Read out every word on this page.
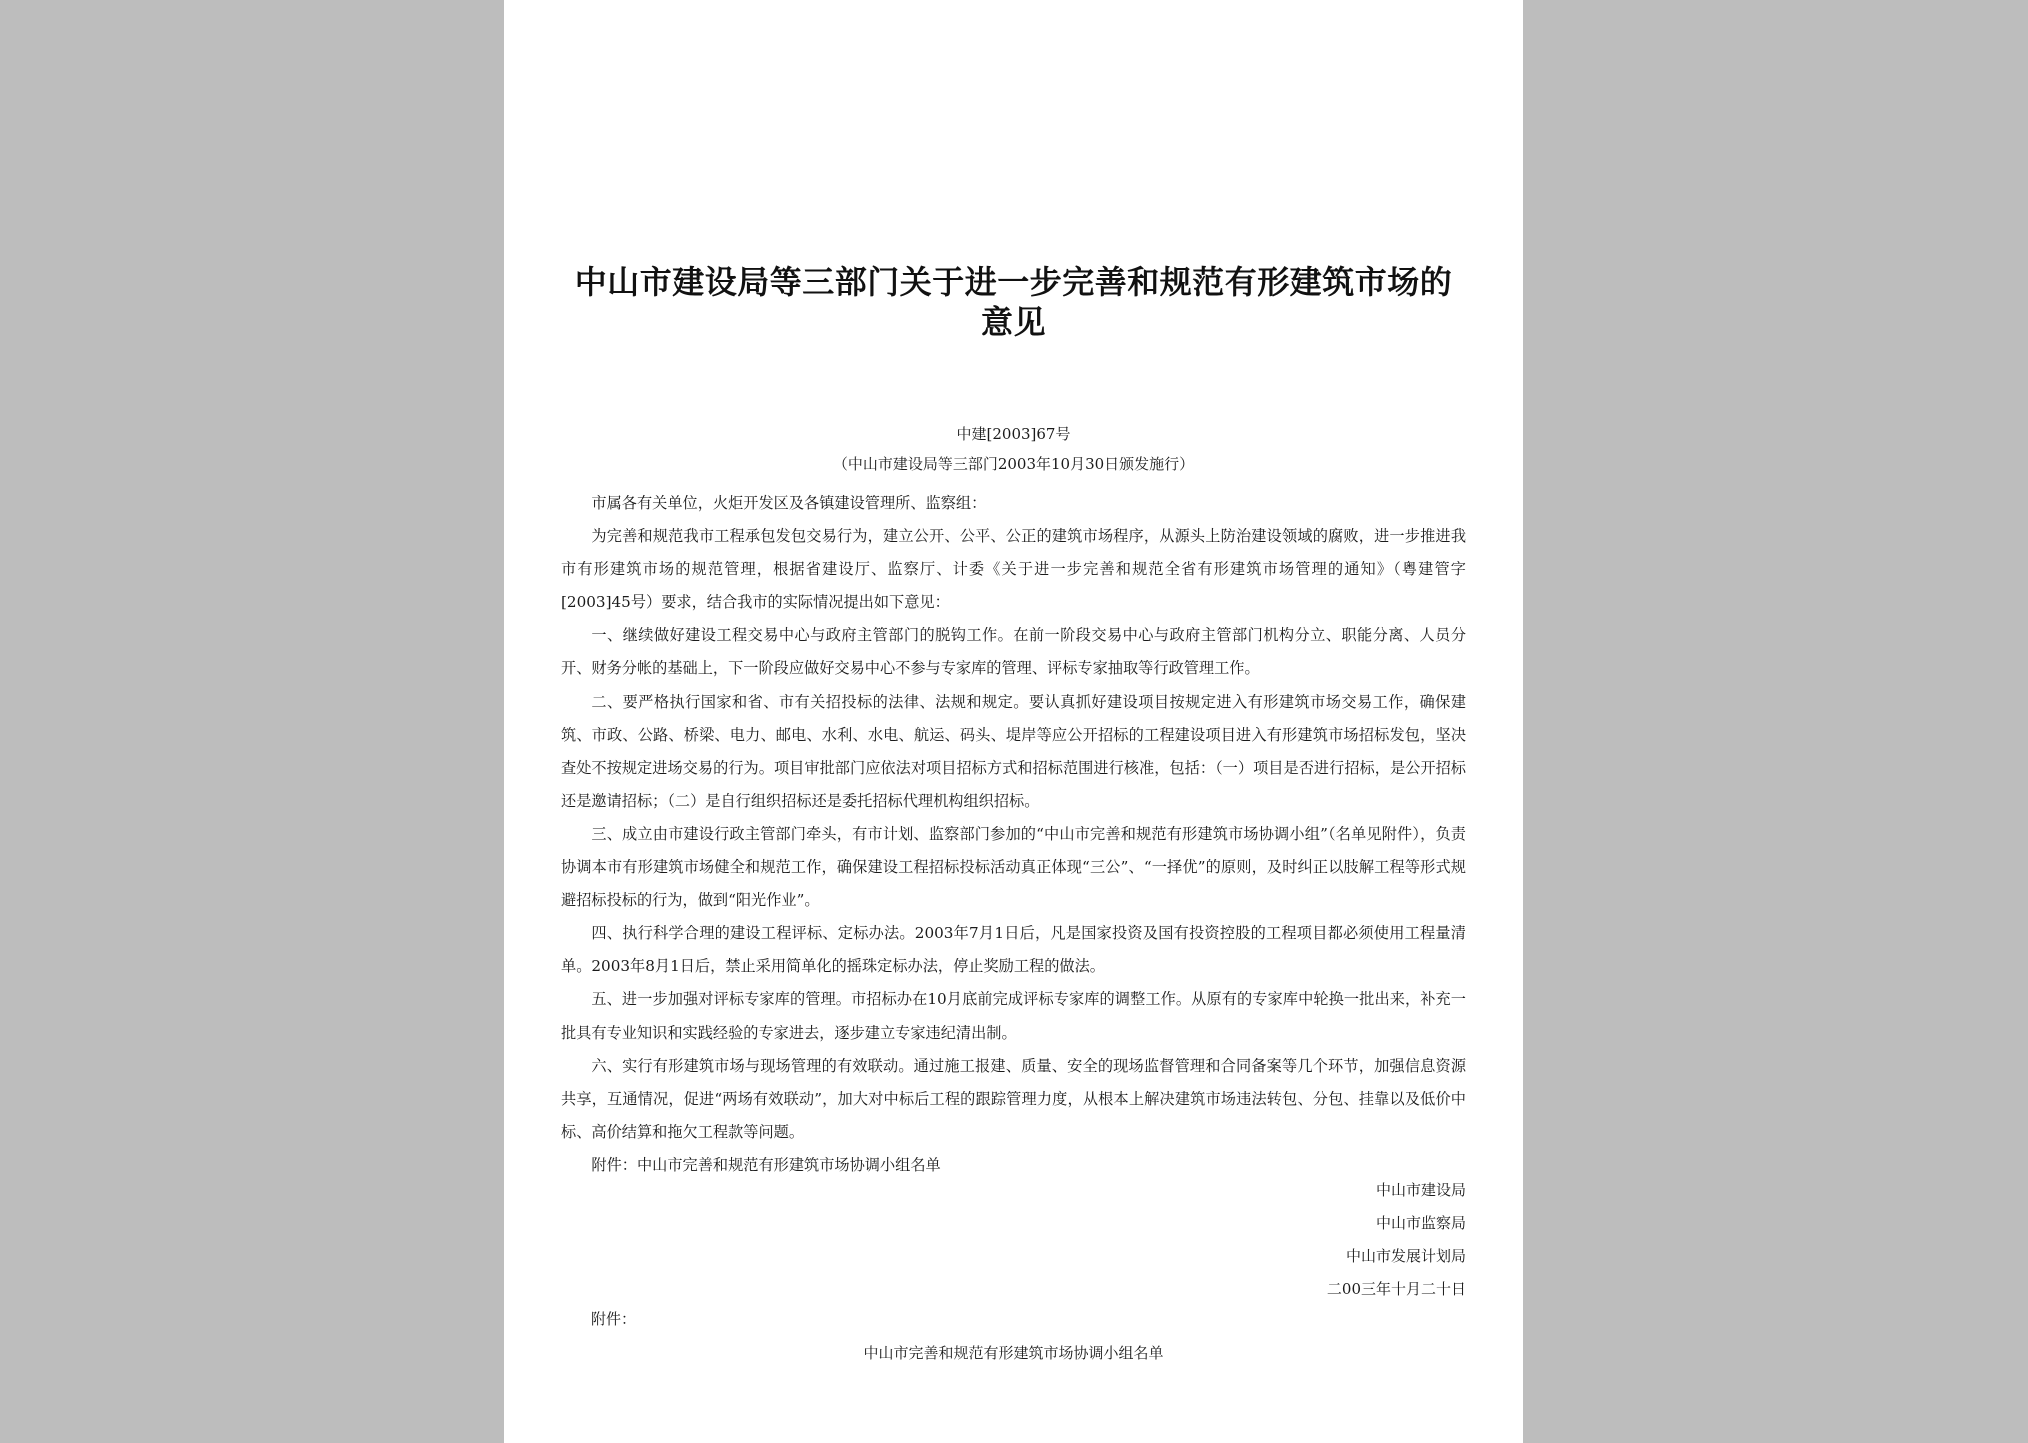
中山市建设局等三部门关于进一步完善和规范有形建筑市场的意见
中建[2003]67号
（中山市建设局等三部门2003年10月30日颁发施行）

市属各有关单位，火炬开发区及各镇建设管理所、监察组：

为完善和规范我市工程承包发包交易行为，建立公开、公平、公正的建筑市场程序，从源头上防治建设领域的腐败，进一步推进我市有形建筑市场的规范管理，根据省建设厅、监察厅、计委《关于进一步完善和规范全省有形建筑市场管理的通知》（粤建管字[2003]45号）要求，结合我市的实际情况提出如下意见：

一、继续做好建设工程交易中心与政府主管部门的脱钩工作。在前一阶段交易中心与政府主管部门机构分立、职能分离、人员分开、财务分帐的基础上，下一阶段应做好交易中心不参与专家库的管理、评标专家抽取等行政管理工作。

二、要严格执行国家和省、市有关招投标的法律、法规和规定。要认真抓好建设项目按规定进入有形建筑市场交易工作，确保建筑、市政、公路、桥梁、电力、邮电、水利、水电、航运、码头、堤岸等应公开招标的工程建设项目进入有形建筑市场招标发包，坚决查处不按规定进场交易的行为。项目审批部门应依法对项目招标方式和招标范围进行核准，包括：（一）项目是否进行招标，是公开招标还是邀请招标；（二）是自行组织招标还是委托招标代理机构组织招标。

三、成立由市建设行政主管部门牵头，有市计划、监察部门参加的“中山市完善和规范有形建筑市场协调小组”（名单见附件），负责协调本市有形建筑市场健全和规范工作，确保建设工程招标投标活动真正体现“三公”、“一择优”的原则，及时纠正以肢解工程等形式规避招标投标的行为，做到“阳光作业”。

四、执行科学合理的建设工程评标、定标办法。2003年7月1日后，凡是国家投资及国有投资控股的工程项目都必须使用工程量清单。2003年8月1日后，禁止采用简单化的摇珠定标办法，停止奖励工程的做法。

五、进一步加强对评标专家库的管理。市招标办在10月底前完成评标专家库的调整工作。从原有的专家库中轮换一批出来，补充一批具有专业知识和实践经验的专家进去，逐步建立专家违纪清出制。

六、实行有形建筑市场与现场管理的有效联动。通过施工报建、质量、安全的现场监督管理和合同备案等几个环节，加强信息资源共享，互通情况，促进“两场有效联动”，加大对中标后工程的跟踪管理力度，从根本上解决建筑市场违法转包、分包、挂靠以及低价中标、高价结算和拖欠工程款等问题。

附件：中山市完善和规范有形建筑市场协调小组名单

中山市建设局
中山市监察局
中山市发展计划局
二00三年十月二十日
附件：
中山市完善和规范有形建筑市场协调小组名单
